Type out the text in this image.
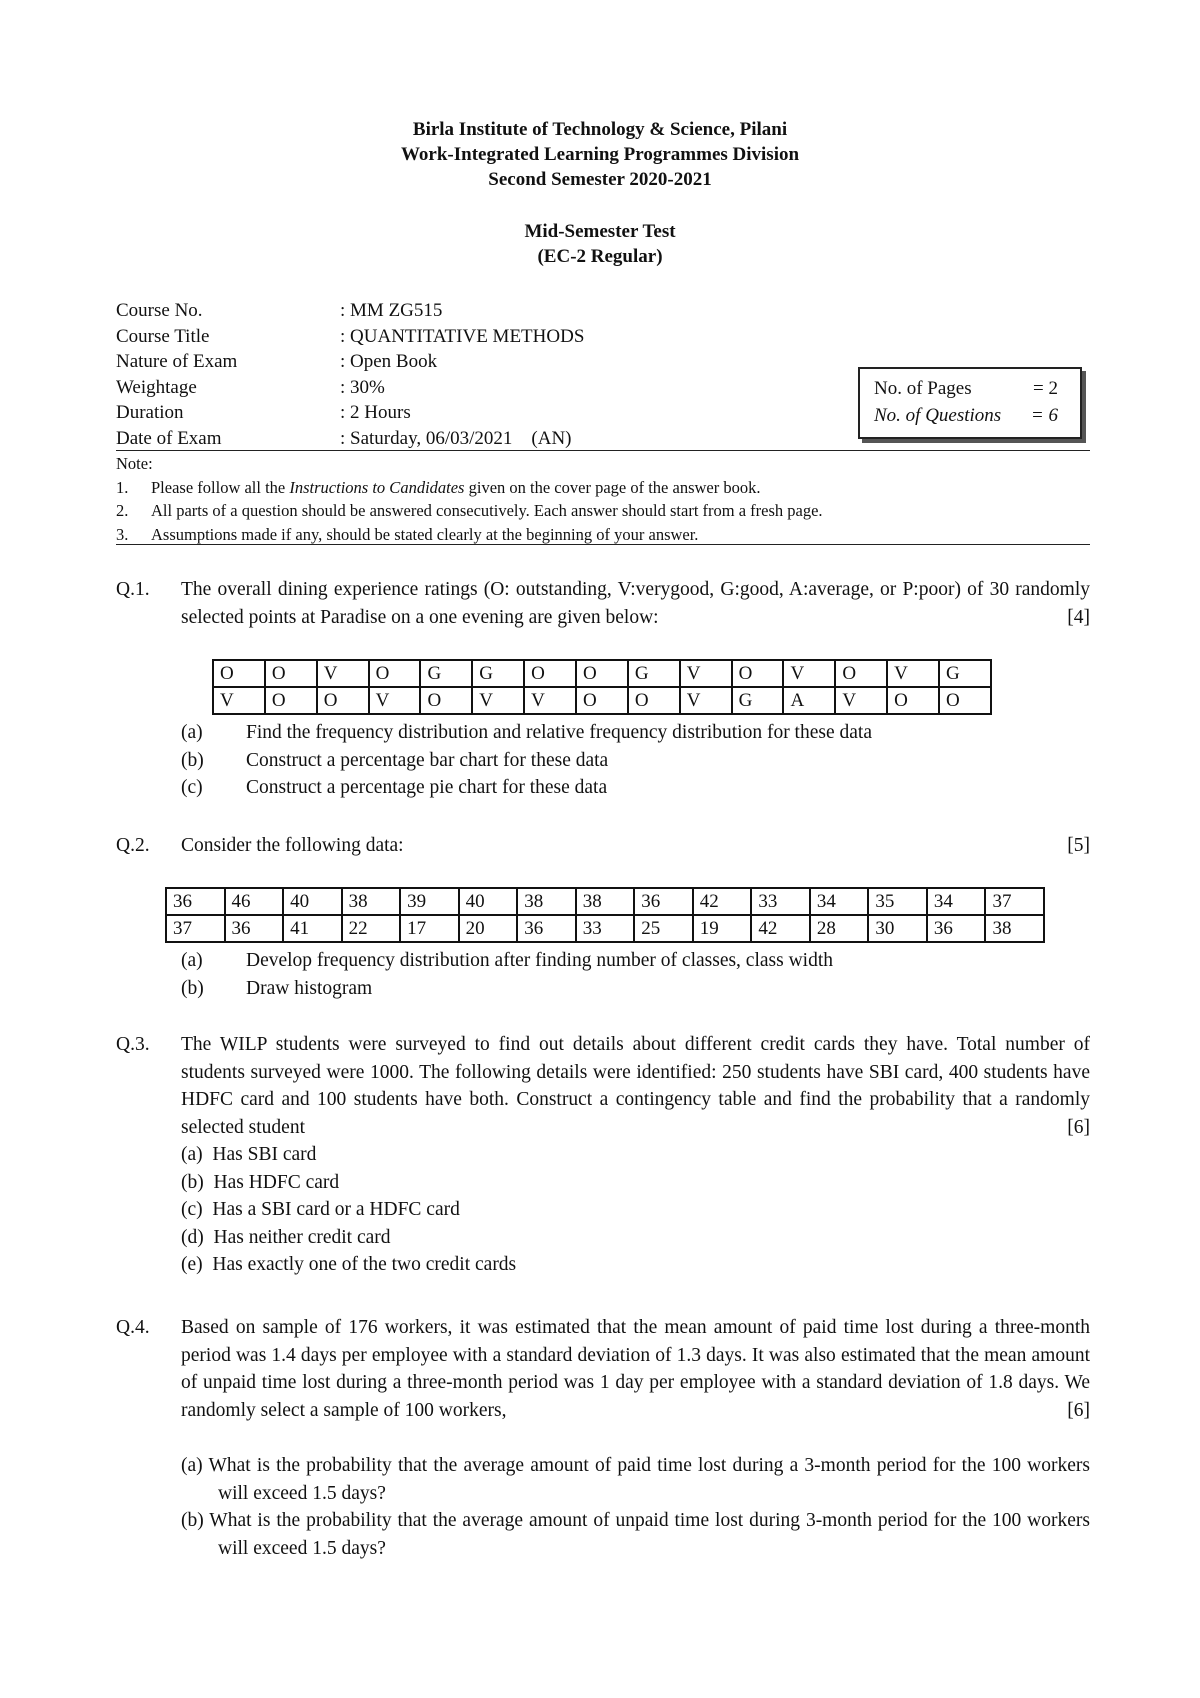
Birla Institute of Technology & Science, Pilani
Work-Integrated Learning Programmes Division
Second Semester 2020-2021
Mid-Semester Test
(EC-2 Regular)
Course No.	: MM ZG515
Course Title	: QUANTITATIVE METHODS
Nature of Exam	: Open Book
Weightage	: 30%
Duration	: 2 Hours
Date of Exam	: Saturday, 06/03/2021    (AN)
No. of Pages	= 2
No. of Questions = 6
Note:
1. Please follow all the Instructions to Candidates given on the cover page of the answer book.
2. All parts of a question should be answered consecutively. Each answer should start from a fresh page.
3. Assumptions made if any, should be stated clearly at the beginning of your answer.
Q.1. The overall dining experience ratings (O: outstanding, V:verygood, G:good, A:average, or P:poor) of 30 randomly selected points at Paradise on a one evening are given below:	[4]
O	O	V	O	G	G	O	O	G	V	O	V	O	V	G
V	O	O	V	O	V	V	O	O	V	G	A	V	O	O
(a) Find the frequency distribution and relative frequency distribution for these data
(b) Construct a percentage bar chart for these data
(c) Construct a percentage pie chart for these data
Q.2. Consider the following data:	[5]
36	46	40	38	39	40	38	38	36	42	33	34	35	34	37
37	36	41	22	17	20	36	33	25	19	42	28	30	36	38
(a) Develop frequency distribution after finding number of classes, class width
(b) Draw histogram
Q.3. The WILP students were surveyed to find out details about different credit cards they have. Total number of students surveyed were 1000. The following details were identified: 250 students have SBI card, 400 students have HDFC card and 100 students have both. Construct a contingency table and find the probability that a randomly selected student	[6]
(a)  Has SBI card
(b)  Has HDFC card
(c)  Has a SBI card or a HDFC card
(d)  Has neither credit card
(e)  Has exactly one of the two credit cards
Q.4. Based on sample of 176 workers, it was estimated that the mean amount of paid time lost during a three-month period was 1.4 days per employee with a standard deviation of 1.3 days. It was also estimated that the mean amount of unpaid time lost during a three-month period was 1 day per employee with a standard deviation of 1.8 days. We randomly select a sample of 100 workers,	[6]
(a) What is the probability that the average amount of paid time lost during a 3-month period for the 100 workers will exceed 1.5 days?
(b) What is the probability that the average amount of unpaid time lost during 3-month period for the 100 workers will exceed 1.5 days?
